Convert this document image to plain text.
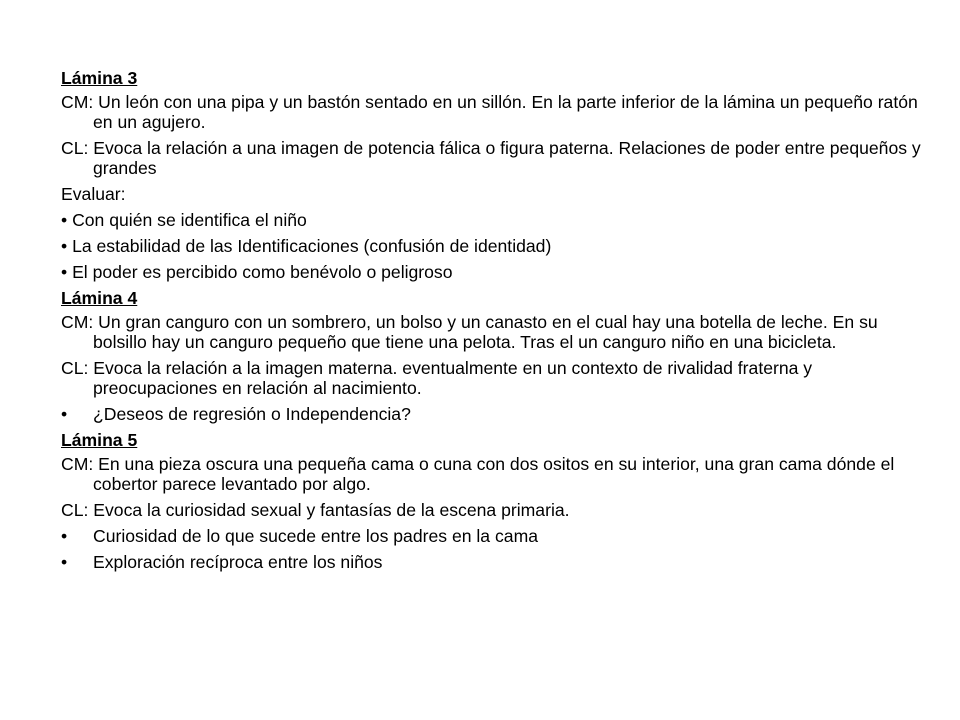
Lámina 3
CM: Un león con una pipa y un bastón sentado en un sillón. En la parte inferior de la lámina un pequeño ratón en un agujero.
CL: Evoca la relación a una imagen de potencia fálica o figura paterna. Relaciones de poder entre pequeños y grandes
Evaluar:
• Con quién se identifica el niño
• La estabilidad de las Identificaciones (confusión de identidad)
• El poder es percibido como benévolo o peligroso
Lámina 4
CM: Un gran canguro con un sombrero, un bolso y un canasto en el cual hay una botella de leche. En su bolsillo hay un canguro pequeño que tiene una pelota. Tras el un canguro niño en una bicicleta.
CL: Evoca la relación a la imagen materna. eventualmente en un contexto de rivalidad fraterna y preocupaciones en relación al nacimiento.
•	¿Deseos de regresión o Independencia?
Lámina 5
CM: En una pieza oscura una pequeña cama o cuna con dos ositos en su interior, una gran cama dónde el cobertor parece levantado por algo.
CL: Evoca la curiosidad sexual y fantasías de la escena primaria.
•	Curiosidad de lo que sucede entre los padres en la cama
•	Exploración recíproca entre los niños
